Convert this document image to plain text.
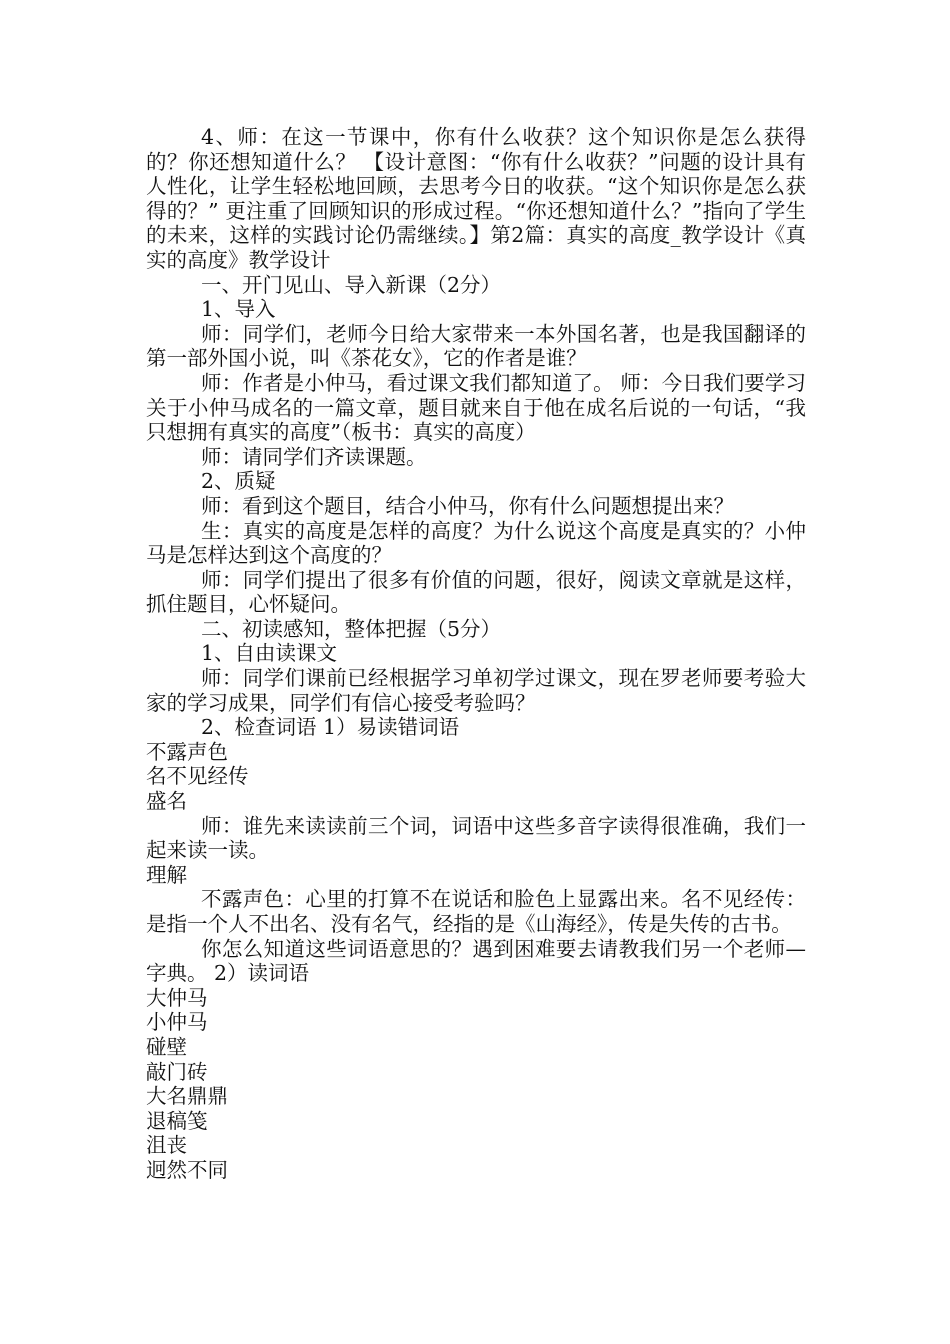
4、师：在这一节课中，你有什么收获？这个知识你是怎么获得的？你还想知道什么？ 【设计意图：“你有什么收获？”问题的设计具有人性化，让学生轻松地回顾，去思考今日的收获。“这个知识你是怎么获得的？” 更注重了回顾知识的形成过程。“你还想知道什么？”指向了学生的未来，这样的实践讨论仍需继续。】第2篇：真实的高度_教学设计《真实的高度》教学设计

一、开门见山、导入新课（2分）

1、导入

师：同学们，老师今日给大家带来一本外国名著，也是我国翻译的第一部外国小说，叫《茶花女》，它的作者是谁？

师：作者是小仲马，看过课文我们都知道了。 师：今日我们要学习关于小仲马成名的一篇文章，题目就来自于他在成名后说的一句话，“我只想拥有真实的高度”（板书：真实的高度）

师：请同学们齐读课题。

2、质疑

师：看到这个题目，结合小仲马，你有什么问题想提出来？

生：真实的高度是怎样的高度？为什么说这个高度是真实的？小仲马是怎样达到这个高度的？

师：同学们提出了很多有价值的问题，很好，阅读文章就是这样，抓住题目，心怀疑问。

二、初读感知，整体把握（5分）

1、自由读课文

师：同学们课前已经根据学习单初学过课文，现在罗老师要考验大家的学习成果，同学们有信心接受考验吗？

2、检查词语 1）易读错词语

不露声色

名不见经传

盛名

师：谁先来读读前三个词，词语中这些多音字读得很准确，我们一起来读一读。

理解

不露声色：心里的打算不在说话和脸色上显露出来。名不见经传：是指一个人不出名、没有名气，经指的是《山海经》，传是失传的古书。

你怎么知道这些词语意思的？遇到困难要去请教我们另一个老师—字典。 2）读词语

大仲马

小仲马

碰壁

敲门砖

大名鼎鼎

退稿笺

沮丧

迥然不同
